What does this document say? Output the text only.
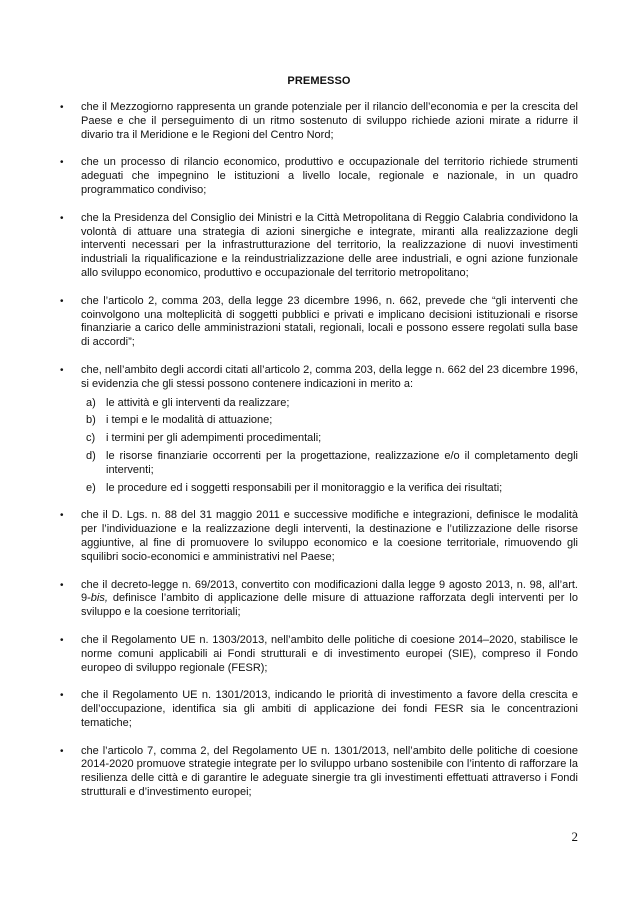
PREMESSO
• che il Mezzogiorno rappresenta un grande potenziale per il rilancio dell’economia e per la crescita del Paese e che il perseguimento di un ritmo sostenuto di sviluppo richiede azioni mirate a ridurre il divario tra il Meridione e le Regioni del Centro Nord;
• che un processo di rilancio economico, produttivo e occupazionale del territorio richiede strumenti adeguati che impegnino le istituzioni a livello locale, regionale e nazionale, in un quadro programmatico condiviso;
• che la Presidenza del Consiglio dei Ministri e la Città Metropolitana di Reggio Calabria condividono la volontà di attuare una strategia di azioni sinergiche e integrate, miranti alla realizzazione degli interventi necessari per la infrastrutturazione del territorio, la realizzazione di nuovi investimenti industriali la riqualificazione e la reindustrializzazione delle aree industriali, e ogni azione funzionale allo sviluppo economico, produttivo e occupazionale del territorio metropolitano;
• che l’articolo 2, comma 203, della legge 23 dicembre 1996, n. 662, prevede che “gli interventi che coinvolgono una molteplicità di soggetti pubblici e privati e implicano decisioni istituzionali e risorse finanziarie a carico delle amministrazioni statali, regionali, locali e possono essere regolati sulla base di accordi”;
• che, nell’ambito degli accordi citati all’articolo 2, comma 203, della legge n. 662 del 23 dicembre 1996, si evidenzia che gli stessi possono contenere indicazioni in merito a:
a) le attività e gli interventi da realizzare;
b) i tempi e le modalità di attuazione;
c) i termini per gli adempimenti procedimentali;
d) le risorse finanziarie occorrenti per la progettazione, realizzazione e/o il completamento degli interventi;
e) le procedure ed i soggetti responsabili per il monitoraggio e la verifica dei risultati;
• che il D. Lgs. n. 88 del 31 maggio 2011 e successive modifiche e integrazioni, definisce le modalità per l’individuazione e la realizzazione degli interventi, la destinazione e l’utilizzazione delle risorse aggiuntive, al fine di promuovere lo sviluppo economico e la coesione territoriale, rimuovendo gli squilibri socio-economici e amministrativi nel Paese;
• che il decreto-legge n. 69/2013, convertito con modificazioni dalla legge 9 agosto 2013, n. 98, all’art. 9-bis, definisce l’ambito di applicazione delle misure di attuazione rafforzata degli interventi per lo sviluppo e la coesione territoriali;
• che il Regolamento UE n. 1303/2013, nell’ambito delle politiche di coesione 2014–2020, stabilisce le norme comuni applicabili ai Fondi strutturali e di investimento europei (SIE), compreso il Fondo europeo di sviluppo regionale (FESR);
• che il Regolamento UE n. 1301/2013, indicando le priorità di investimento a favore della crescita e dell’occupazione, identifica sia gli ambiti di applicazione dei fondi FESR sia le concentrazioni tematiche;
• che l’articolo 7, comma 2, del Regolamento UE n. 1301/2013, nell’ambito delle politiche di coesione 2014-2020 promuove strategie integrate per lo sviluppo urbano sostenibile con l’intento di rafforzare la resilienza delle città e di garantire le adeguate sinergie tra gli investimenti effettuati attraverso i Fondi strutturali e d’investimento europei;
2
